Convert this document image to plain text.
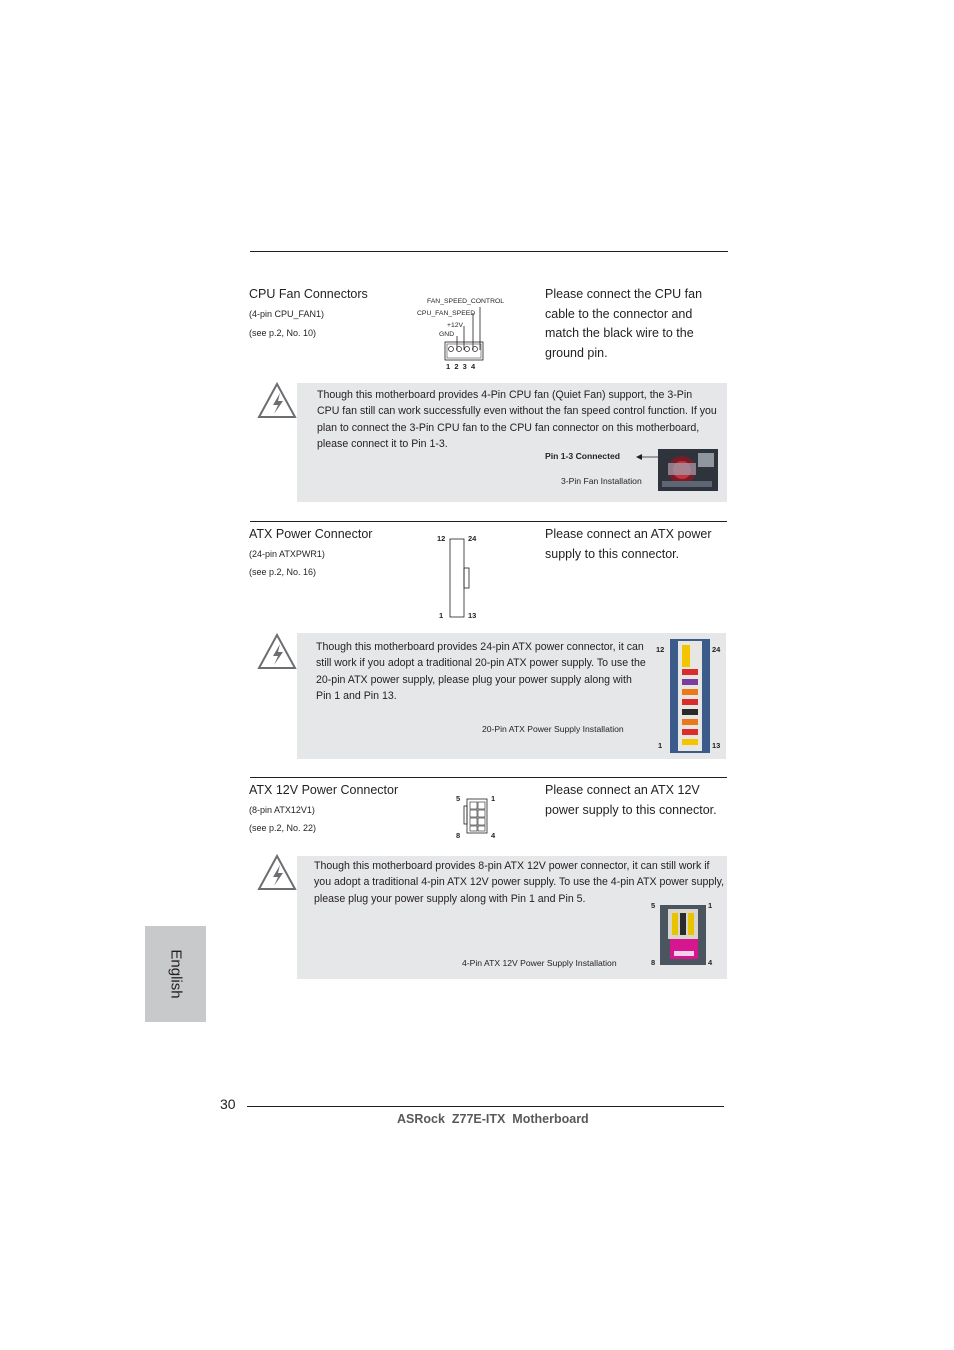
CPU Fan Connectors
(4-pin CPU_FAN1)
(see p.2, No. 10)
FAN_SPEED_CONTROL
CPU_FAN_SPEED
+12V
GND
1  2  3  4
Please connect the CPU fan cable to the connector and match the black wire to the ground pin.
Though this motherboard provides 4-Pin CPU fan (Quiet Fan) support, the 3-Pin CPU fan still can work successfully even without the fan speed control function. If you plan to connect the 3-Pin CPU fan to the CPU fan connector on this motherboard, please connect it to Pin 1-3.
Pin 1-3 Connected
3-Pin Fan Installation
ATX Power Connector
(24-pin ATXPWR1)
(see p.2, No. 16)
12	24
1	13
Please connect an ATX power supply to this connector.
Though this motherboard provides 24-pin ATX power connector, it can still work if you adopt a traditional 20-pin ATX power supply. To use the 20-pin ATX power supply, please plug your power supply along with Pin 1 and Pin 13.
20-Pin ATX Power Supply Installation
12	24
1	13
ATX 12V Power Connector
(8-pin ATX12V1)
(see p.2, No. 22)
5	1
8	4
Please connect an ATX 12V power supply to this connector.
Though this motherboard provides 8-pin ATX 12V power connector, it can still work if you adopt a traditional 4-pin ATX 12V power supply. To use the 4-pin ATX power supply, please plug your power supply along with Pin 1 and Pin 5.
4-Pin ATX 12V Power Supply Installation
5	1
8	4
English
30
ASRock  Z77E-ITX  Motherboard
